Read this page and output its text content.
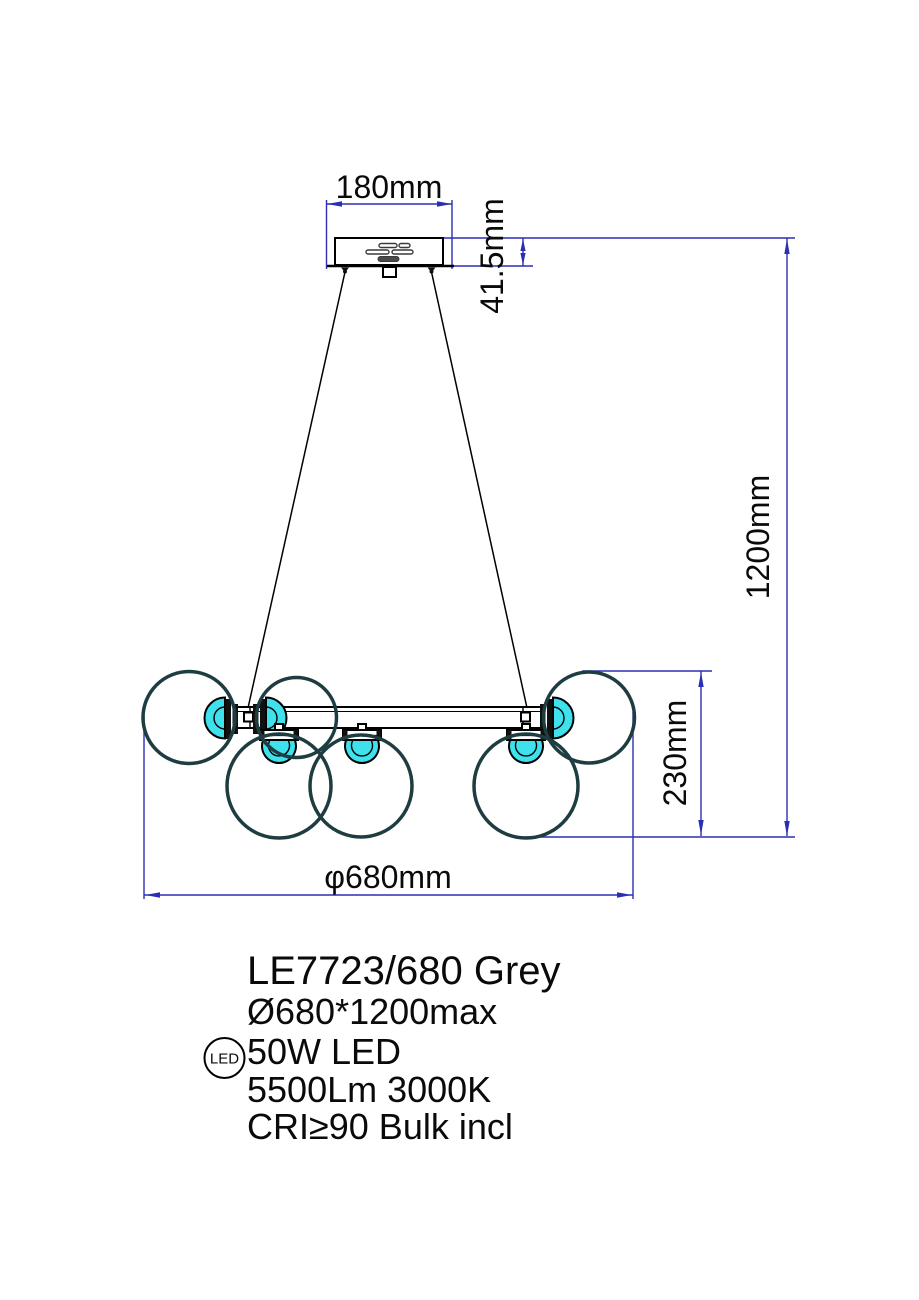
180mm
41.5mm
1200mm
230mm
φ680mm
LE7723/680 Grey
Ø680*1200max
LED 50W LED
5500Lm 3000K
CRI≥90 Bulk incl
